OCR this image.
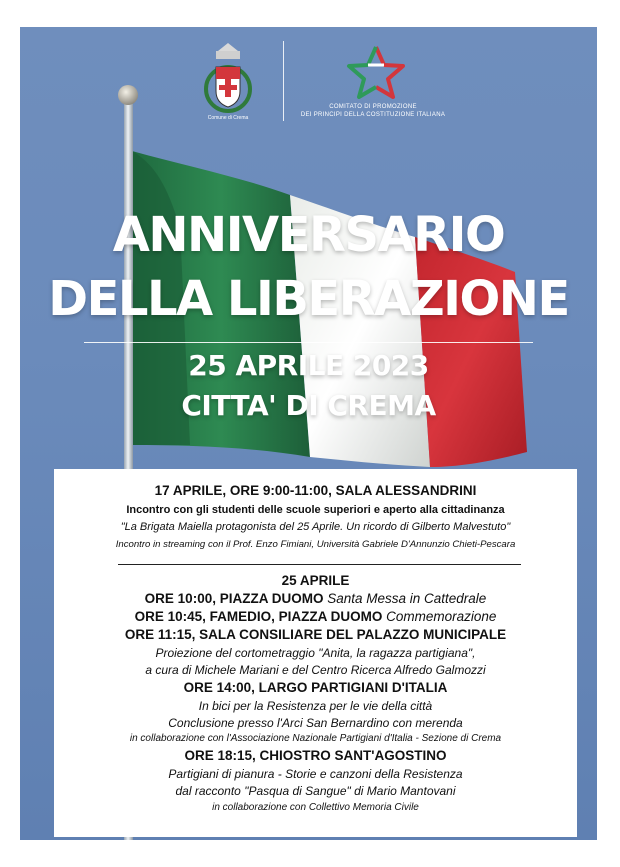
Comune di Crema
COMITATO DI PROMOZIONE
DEI PRINCIPI DELLA COSTITUZIONE ITALIANA
ANNIVERSARIO
DELLA LIBERAZIONE
25 APRILE 2023
CITTA' DI CREMA
17 APRILE, ORE 9:00-11:00, SALA ALESSANDRINI
Incontro con gli studenti delle scuole superiori e aperto alla cittadinanza
"La Brigata Maiella protagonista del 25 Aprile. Un ricordo di Gilberto Malvestuto"
Incontro in streaming con il Prof. Enzo Fimiani, Università Gabriele D'Annunzio Chieti-Pescara
25 APRILE
ORE 10:00, PIAZZA DUOMO Santa Messa in Cattedrale
ORE 10:45, FAMEDIO, PIAZZA DUOMO Commemorazione
ORE 11:15, SALA CONSILIARE DEL PALAZZO MUNICIPALE
Proiezione del cortometraggio "Anita, la ragazza partigiana",
a cura di Michele Mariani e del Centro Ricerca Alfredo Galmozzi
ORE 14:00, LARGO PARTIGIANI D'ITALIA
In bici per la Resistenza per le vie della città
Conclusione presso l'Arci San Bernardino con merenda
in collaborazione con l'Associazione Nazionale Partigiani d'Italia - Sezione di Crema
ORE 18:15, CHIOSTRO SANT'AGOSTINO
Partigiani di pianura - Storie e canzoni della Resistenza
dal racconto "Pasqua di Sangue" di Mario Mantovani
in collaborazione con Collettivo Memoria Civile
